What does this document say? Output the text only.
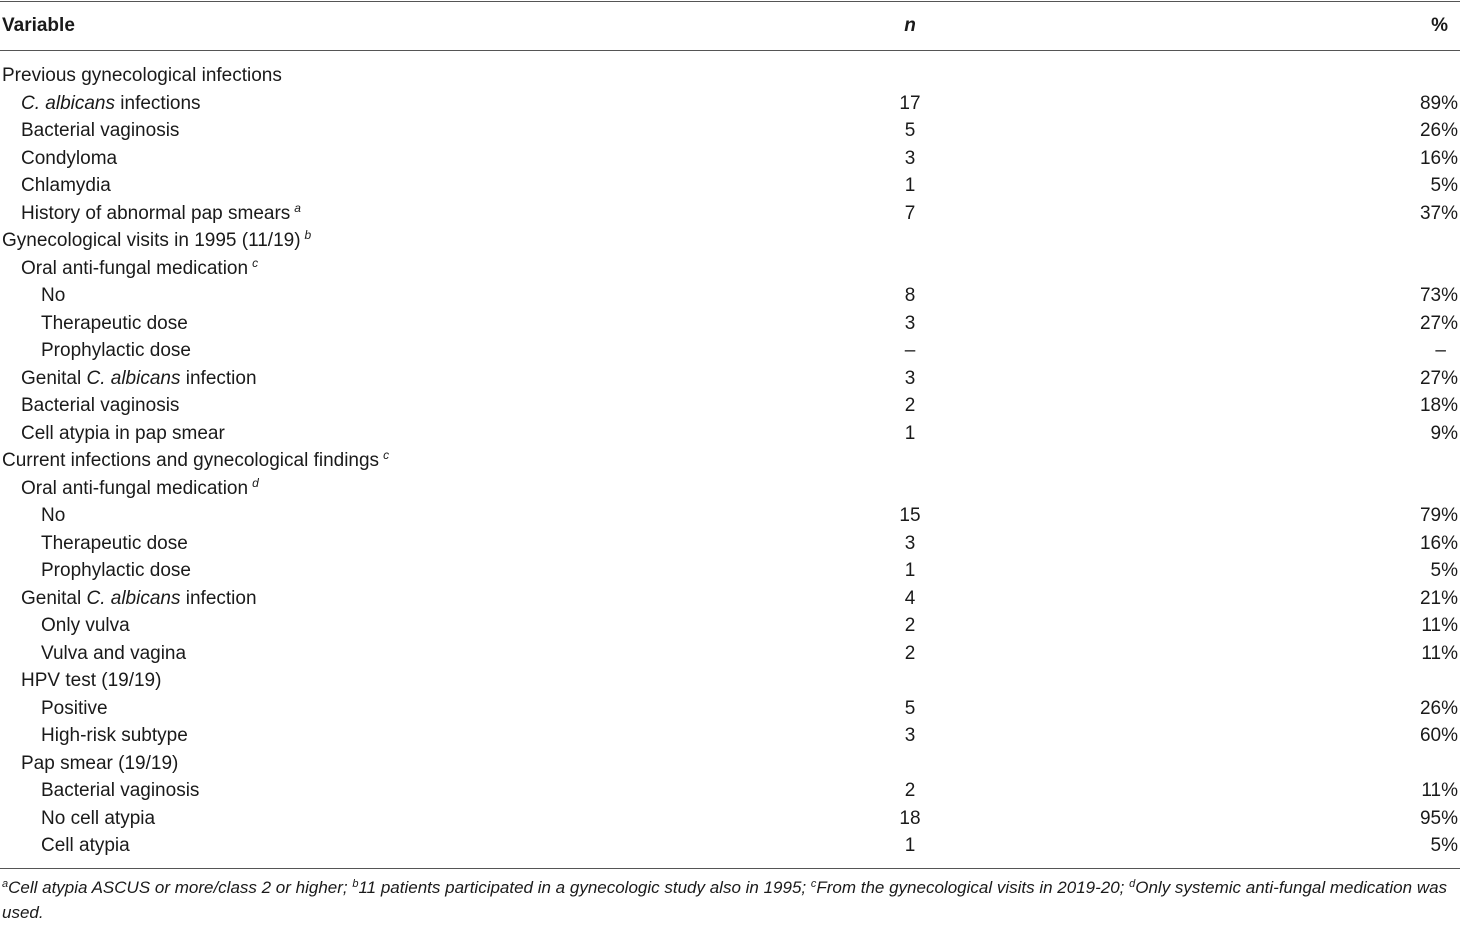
Variable	n	%
Previous gynecological infections
C. albicans infections	17	89%
Bacterial vaginosis	5	26%
Condyloma	3	16%
Chlamydia	1	5%
History of abnormal pap smears $^a$	7	37%
Gynecological visits in 1995 (11/19) $^b$
Oral anti-fungal medication $^c$
No	8	73%
Therapeutic dose	3	27%
Prophylactic dose	–	–
Genital C. albicans infection	3	27%
Bacterial vaginosis	2	18%
Cell atypia in pap smear	1	9%
Current infections and gynecological findings $^c$
Oral anti-fungal medication $^d$
No	15	79%
Therapeutic dose	3	16%
Prophylactic dose	1	5%
Genital C. albicans infection	4	21%
Only vulva	2	11%
Vulva and vagina	2	11%
HPV test (19/19)
Positive	5	26%
High-risk subtype	3	60%
Pap smear (19/19)
Bacterial vaginosis	2	11%
No cell atypia	18	95%
Cell atypia	1	5%
$^a$Cell atypia ASCUS or more/class 2 or higher; $^b$11 patients participated in a gynecologic study also in 1995; $^c$From the gynecological visits in 2019-20; $^d$Only systemic anti-fungal medication was used.
